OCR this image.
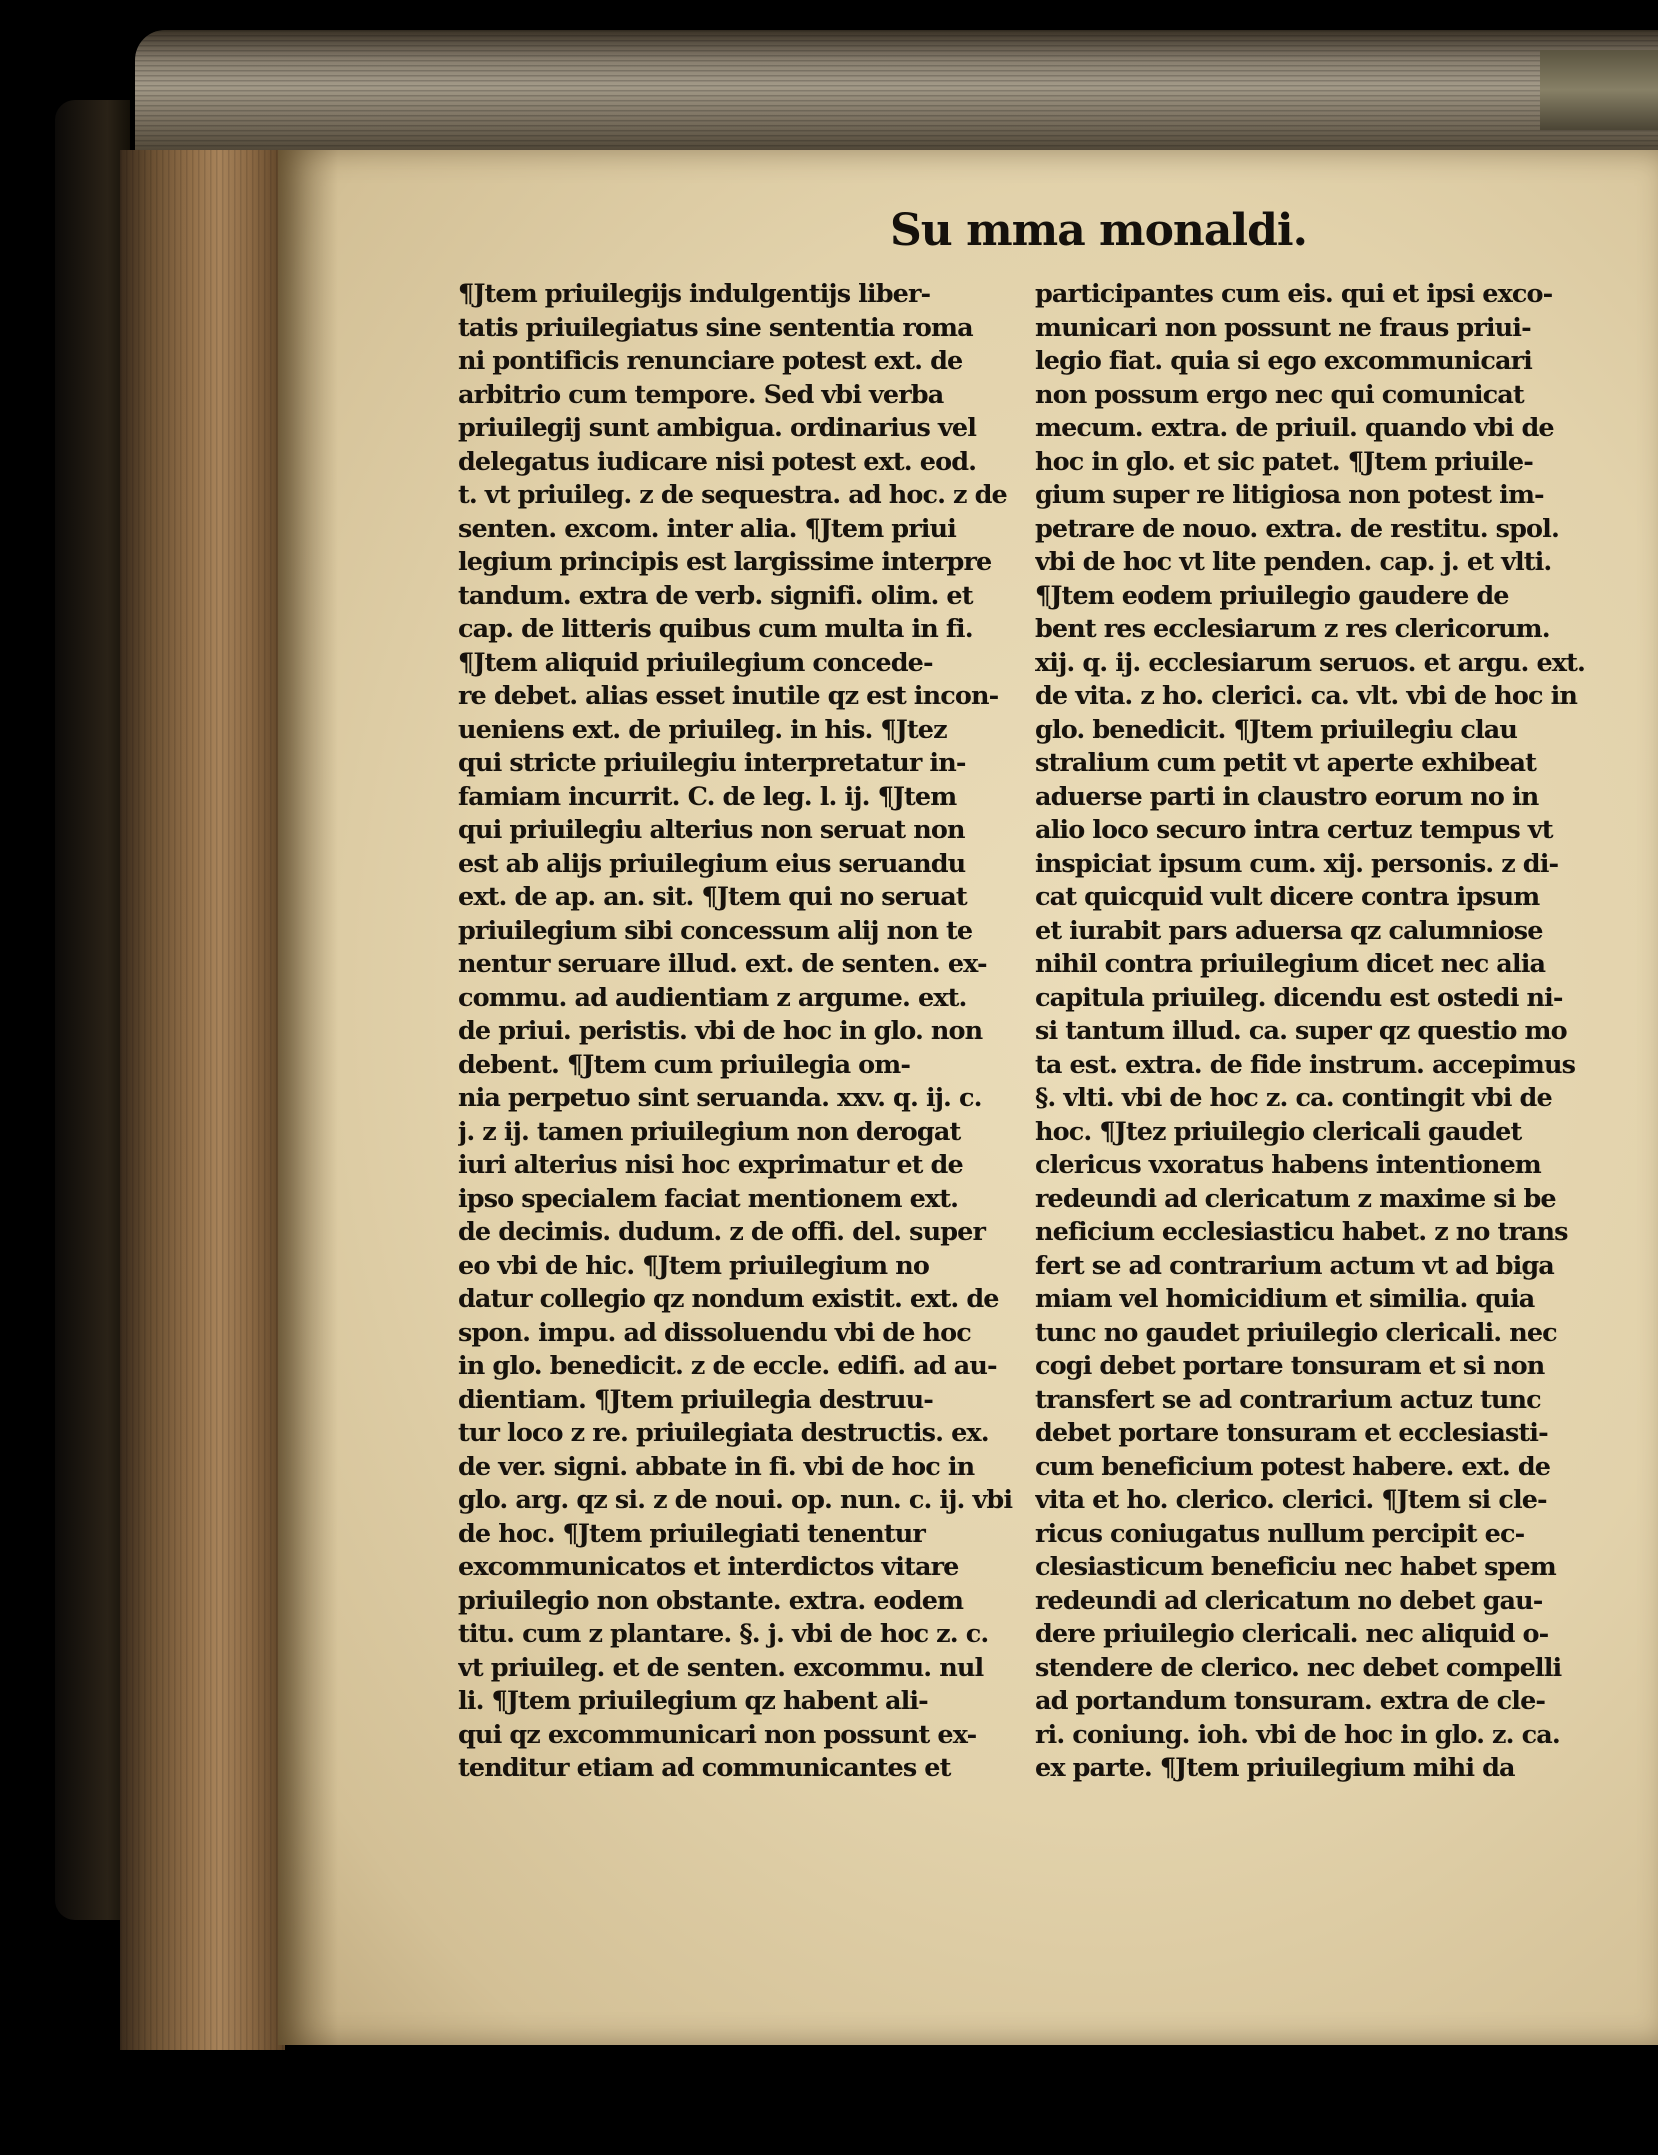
Su mma monaldi.
¶Jtem priuilegijs indulgentijs liber-
tatis priuilegiatus sine sententia roma
ni pontificis renunciare potest ext. de
arbitrio cum tempore. Sed vbi verba
priuilegij sunt ambigua. ordinarius vel
delegatus iudicare nisi potest ext. eod.
t. vt priuileg. z de sequestra. ad hoc. z de
senten. excom. inter alia. ¶Jtem priui
legium principis est largissime interpre
tandum. extra de verb. signifi. olim. et
cap. de litteris quibus cum multa in fi.
¶Jtem aliquid priuilegium concede-
re debet. alias esset inutile qz est incon-
ueniens ext. de priuileg. in his. ¶Jtez
qui stricte priuilegiu interpretatur in-
famiam incurrit. C. de leg. l. ij. ¶Jtem
qui priuilegiu alterius non seruat non
est ab alijs priuilegium eius seruandu
ext. de ap. an. sit. ¶Jtem qui no seruat
priuilegium sibi concessum alij non te
nentur seruare illud. ext. de senten. ex-
commu. ad audientiam z argume. ext.
de priui. peristis. vbi de hoc in glo. non
debent. ¶Jtem cum priuilegia om-
nia perpetuo sint seruanda. xxv. q. ij. c.
j. z ij. tamen priuilegium non derogat
iuri alterius nisi hoc exprimatur et de
ipso specialem faciat mentionem ext.
de decimis. dudum. z de offi. del. super
eo vbi de hic. ¶Jtem priuilegium no
datur collegio qz nondum existit. ext. de
spon. impu. ad dissoluendu vbi de hoc
in glo. benedicit. z de eccle. edifi. ad au-
dientiam. ¶Jtem priuilegia destruu-
tur loco z re. priuilegiata destructis. ex.
de ver. signi. abbate in fi. vbi de hoc in
glo. arg. qz si. z de noui. op. nun. c. ij. vbi
de hoc. ¶Jtem priuilegiati tenentur
excommunicatos et interdictos vitare
priuilegio non obstante. extra. eodem
titu. cum z plantare. §. j. vbi de hoc z. c.
vt priuileg. et de senten. excommu. nul
li. ¶Jtem priuilegium qz habent ali-
qui qz excommunicari non possunt ex-
tenditur etiam ad communicantes et
participantes cum eis. qui et ipsi exco-
municari non possunt ne fraus priui-
legio fiat. quia si ego excommunicari
non possum ergo nec qui comunicat
mecum. extra. de priuil. quando vbi de
hoc in glo. et sic patet. ¶Jtem priuile-
gium super re litigiosa non potest im-
petrare de nouo. extra. de restitu. spol.
vbi de hoc vt lite penden. cap. j. et vlti.
¶Jtem eodem priuilegio gaudere de
bent res ecclesiarum z res clericorum.
xij. q. ij. ecclesiarum seruos. et argu. ext.
de vita. z ho. clerici. ca. vlt. vbi de hoc in
glo. benedicit. ¶Jtem priuilegiu clau
stralium cum petit vt aperte exhibeat
aduerse parti in claustro eorum no in
alio loco securo intra certuz tempus vt
inspiciat ipsum cum. xij. personis. z di-
cat quicquid vult dicere contra ipsum
et iurabit pars aduersa qz calumniose
nihil contra priuilegium dicet nec alia
capitula priuileg. dicendu est ostedi ni-
si tantum illud. ca. super qz questio mo
ta est. extra. de fide instrum. accepimus
§. vlti. vbi de hoc z. ca. contingit vbi de
hoc. ¶Jtez priuilegio clericali gaudet
clericus vxoratus habens intentionem
redeundi ad clericatum z maxime si be
neficium ecclesiasticu habet. z no trans
fert se ad contrarium actum vt ad biga
miam vel homicidium et similia. quia
tunc no gaudet priuilegio clericali. nec
cogi debet portare tonsuram et si non
transfert se ad contrarium actuz tunc
debet portare tonsuram et ecclesiasti-
cum beneficium potest habere. ext. de
vita et ho. clerico. clerici. ¶Jtem si cle-
ricus coniugatus nullum percipit ec-
clesiasticum beneficiu nec habet spem
redeundi ad clericatum no debet gau-
dere priuilegio clericali. nec aliquid o-
stendere de clerico. nec debet compelli
ad portandum tonsuram. extra de cle-
ri. coniung. ioh. vbi de hoc in glo. z. ca.
ex parte. ¶Jtem priuilegium mihi da
